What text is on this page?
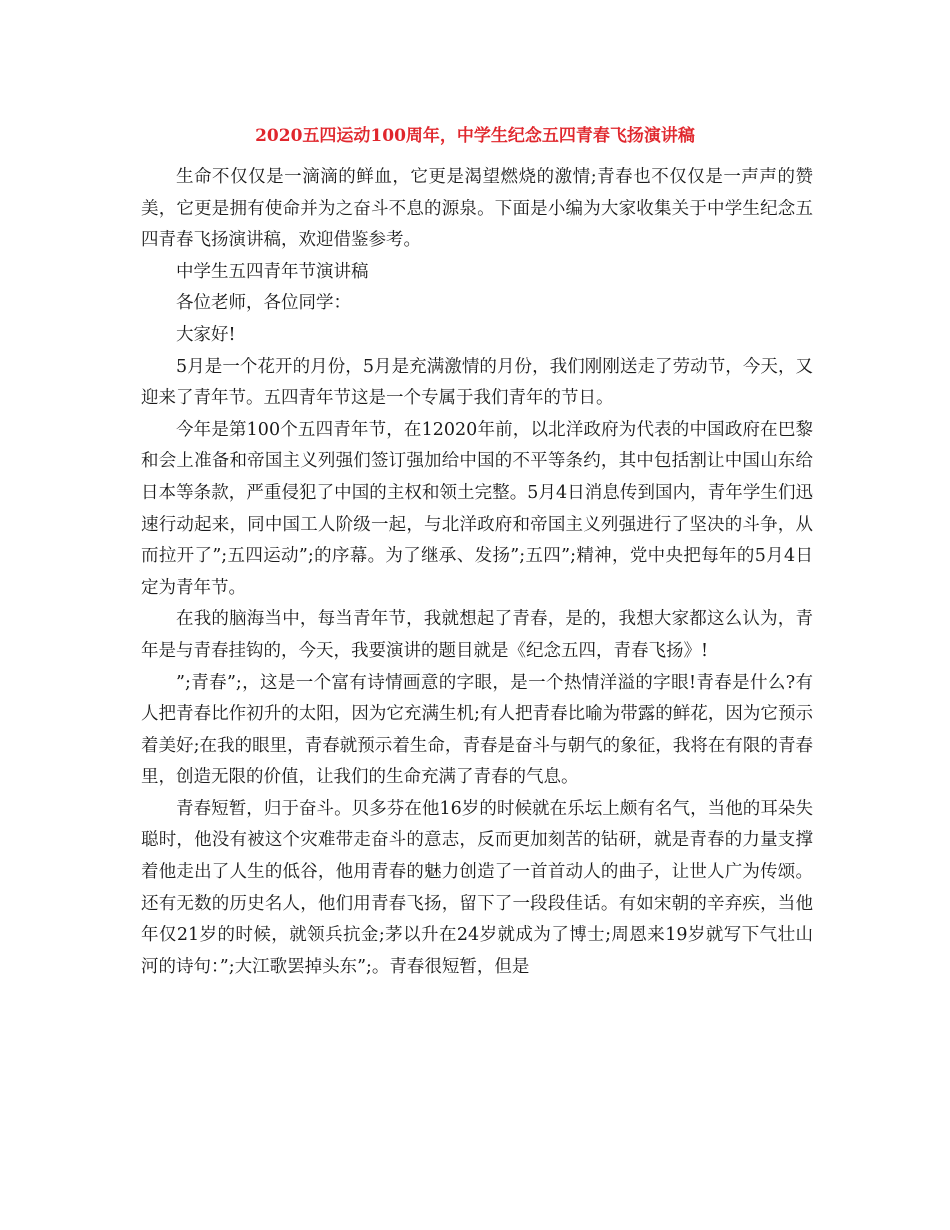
2020五四运动100周年，中学生纪念五四青春飞扬演讲稿

生命不仅仅是一滴滴的鲜血，它更是渴望燃烧的激情;青春也不仅仅是一声声的赞美，它更是拥有使命并为之奋斗不息的源泉。下面是小编为大家收集关于中学生纪念五四青春飞扬演讲稿，欢迎借鉴参考。

中学生五四青年节演讲稿

各位老师，各位同学：

大家好!

5月是一个花开的月份，5月是充满激情的月份，我们刚刚送走了劳动节，今天，又迎来了青年节。五四青年节这是一个专属于我们青年的节日。

今年是第100个五四青年节，在12020年前，以北洋政府为代表的中国政府在巴黎和会上准备和帝国主义列强们签订强加给中国的不平等条约，其中包括割让中国山东给日本等条款，严重侵犯了中国的主权和领土完整。5月4日消息传到国内，青年学生们迅速行动起来，同中国工人阶级一起，与北洋政府和帝国主义列强进行了坚决的斗争，从而拉开了”;五四运动”;的序幕。为了继承、发扬”;五四”;精神，党中央把每年的5月4日定为青年节。

在我的脑海当中，每当青年节，我就想起了青春，是的，我想大家都这么认为，青年是与青春挂钩的，今天，我要演讲的题目就是《纪念五四，青春飞扬》!

”;青春”;，这是一个富有诗情画意的字眼，是一个热情洋溢的字眼!青春是什么?有人把青春比作初升的太阳，因为它充满生机;有人把青春比喻为带露的鲜花，因为它预示着美好;在我的眼里，青春就预示着生命，青春是奋斗与朝气的象征，我将在有限的青春里，创造无限的价值，让我们的生命充满了青春的气息。

青春短暂，归于奋斗。贝多芬在他16岁的时候就在乐坛上颇有名气，当他的耳朵失聪时，他没有被这个灾难带走奋斗的意志，反而更加刻苦的钻研，就是青春的力量支撑着他走出了人生的低谷，他用青春的魅力创造了一首首动人的曲子，让世人广为传颂。还有无数的历史名人，他们用青春飞扬，留下了一段段佳话。有如宋朝的辛弃疾，当他年仅21岁的时候，就领兵抗金;茅以升在24岁就成为了博士;周恩来19岁就写下气壮山河的诗句：”;大江歌罢掉头东”;。青春很短暂，但是
